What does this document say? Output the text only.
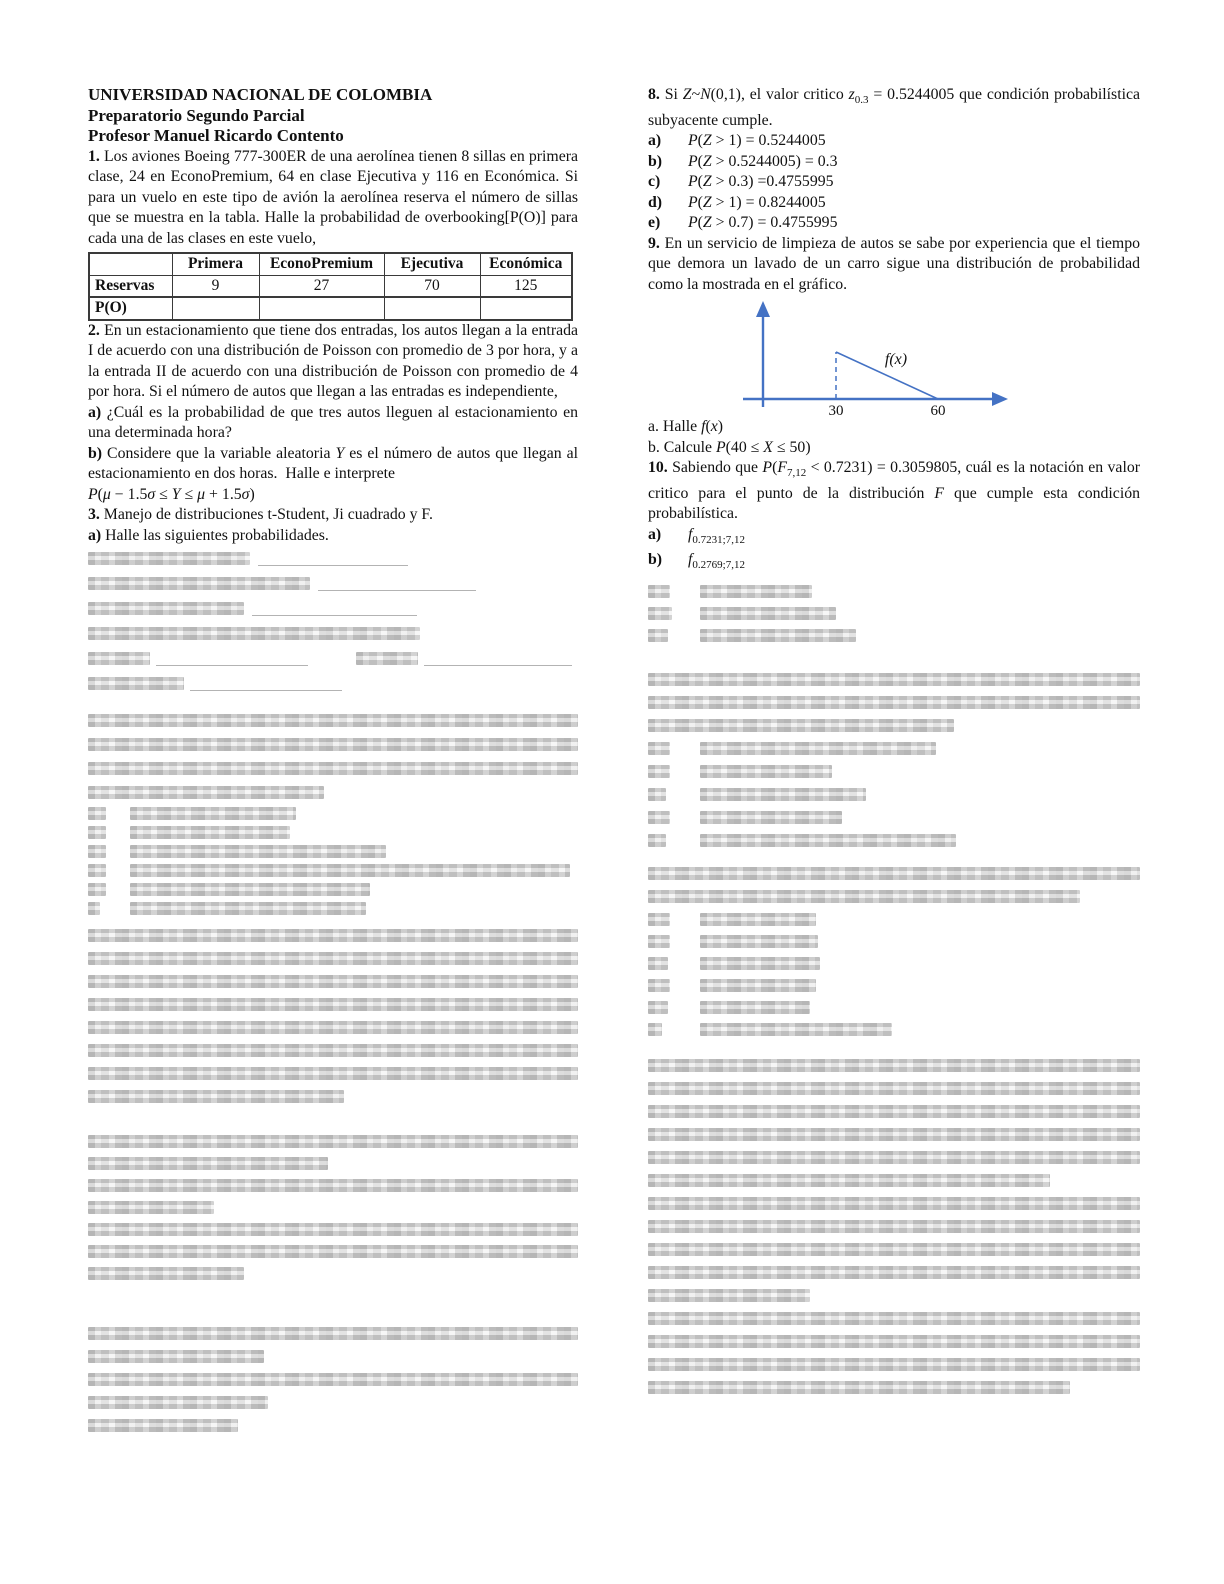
UNIVERSIDAD NACIONAL DE COLOMBIA
Preparatorio Segundo Parcial
Profesor Manuel Ricardo Contento

1. Los aviones Boeing 777-300ER de una aerolínea tienen 8 sillas en primera clase, 24 en EconoPremium, 64 en clase Ejecutiva y 116 en Económica. Si para un vuelo en este tipo de avión la aerolínea reserva el número de sillas que se muestra en la tabla. Halle la probabilidad de overbooking[P(O)] para cada una de las clases en este vuelo,

	Primera	EconoPremium	Ejecutiva	Económica
Reservas	9	27	70	125
P(O)				

2. En un estacionamiento que tiene dos entradas, los autos llegan a la entrada I de acuerdo con una distribución de Poisson con promedio de 3 por hora, y a la entrada II de acuerdo con una distribución de Poisson con promedio de 4 por hora. Si el número de autos que llegan a las entradas es independiente,
a) ¿Cuál es la probabilidad de que tres autos lleguen al estacionamiento en una determinada hora?
b) Considere que la variable aleatoria Y es el número de autos que llegan al estacionamiento en dos horas.  Halle e interprete
P(μ − 1.5σ ≤ Y ≤ μ + 1.5σ)

3. Manejo de distribuciones t-Student, Ji cuadrado y F.
a) Halle las siguientes probabilidades.

8. Si Z~N(0,1), el valor critico $z_{0.3} = 0.5244005$ que condición probabilística subyacente cumple.

a)	P(Z > 1) = 0.5244005
b)	P(Z > 0.5244005) = 0.3
c)	P(Z > 0.3) =0.4755995
d)	P(Z > 1) = 0.8244005
e)	P(Z > 0.7) = 0.4755995

9. En un servicio de limpieza de autos se sabe por experiencia que el tiempo que demora un lavado de un carro sigue una distribución de probabilidad como la mostrada en el gráfico.

30	60
f(x)

a. Halle f(x)

b. Calcule P(40 ≤ X ≤ 50)

10. Sabiendo que $P(F_{7,12} < 0.7231) = 0.3059805$, cuál es la notación en valor critico para el punto de la distribución F que cumple esta condición probabilística.

a)	$f_{0.7231;7,12}$
b)	$f_{0.2769;7,12}$
